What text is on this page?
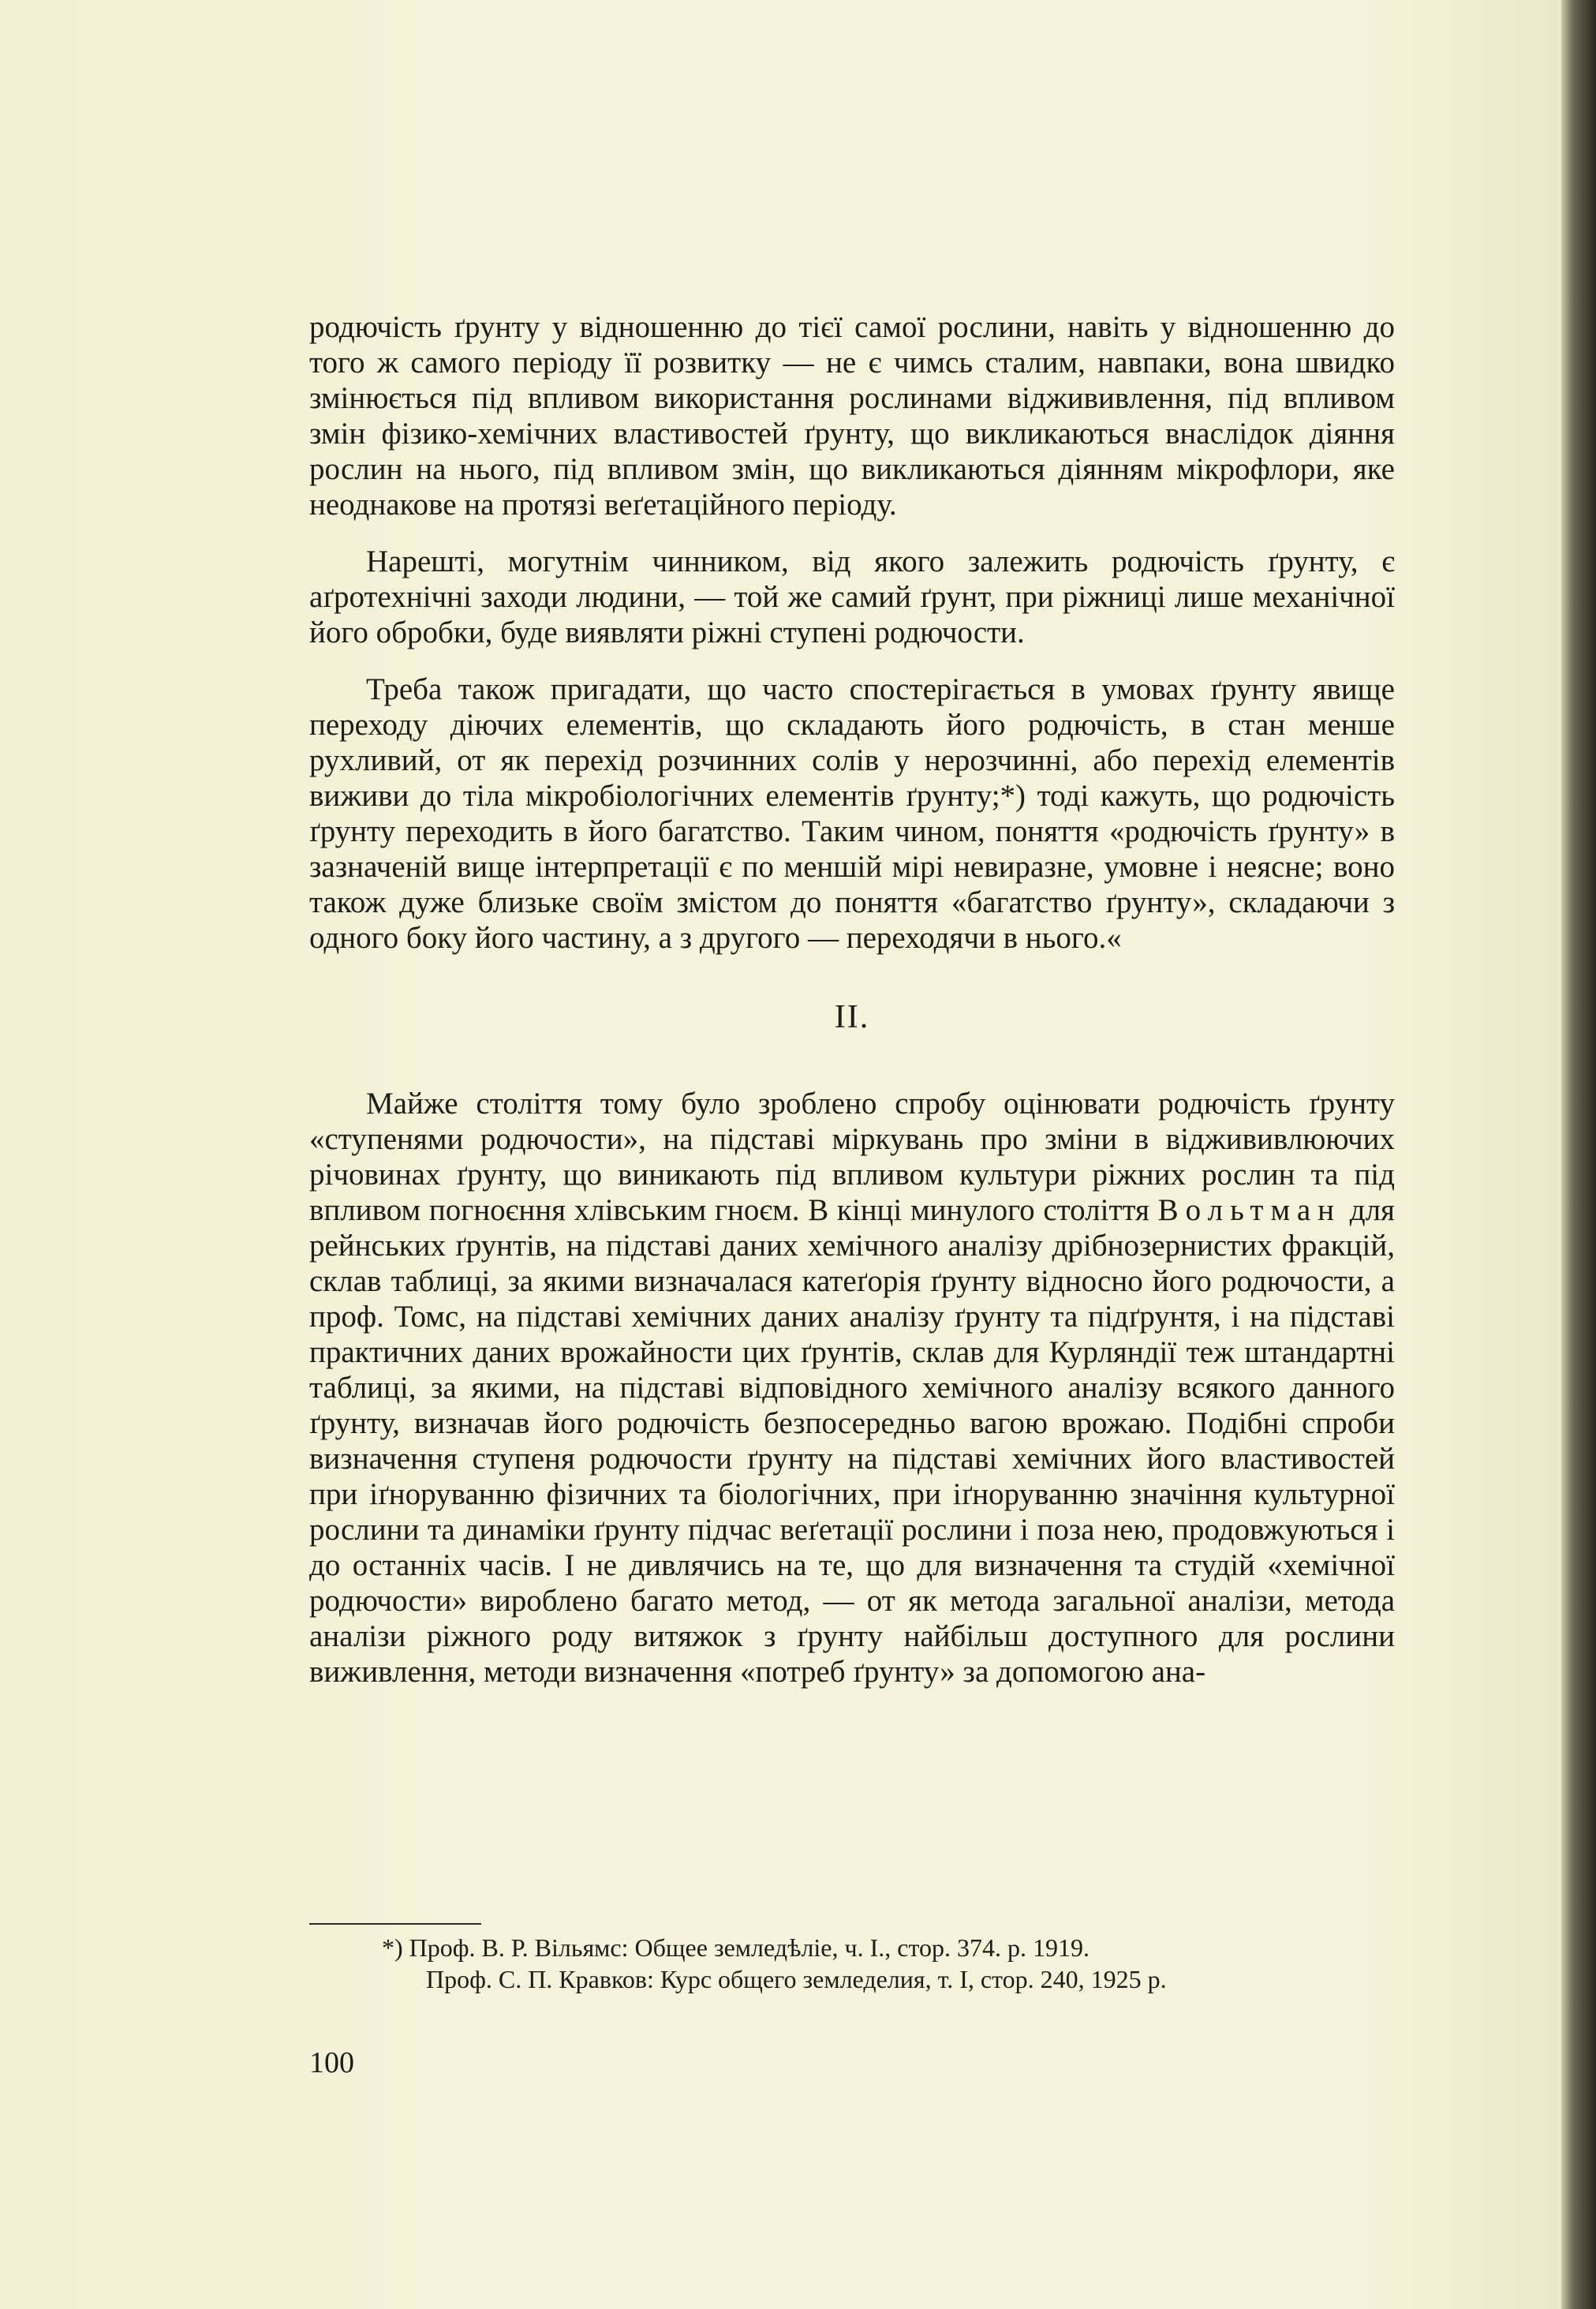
родючість ґрунту у відношенню до тієї самої рослини, навіть у відношенню до того ж самого періоду її розвитку — не є чимсь сталим, навпаки, вона швидко змінюється під впливом використання рослинами віджививлення, під впливом змін фізико-хемічних властивостей ґрунту, що викликаються внаслідок діяння рослин на нього, під впливом змін, що викликаються діянням мікрофлори, яке неоднакове на протязі веґетаційного періоду.

Нарешті, могутнім чинником, від якого залежить родючість ґрунту, є аґротехнічні заходи людини, — той же самий ґрунт, при ріжниці лише механічної його обробки, буде виявляти ріжні ступені родючости.

Треба також пригадати, що часто спостерігається в умовах ґрунту явище переходу діючих елементів, що складають його родючість, в стан менше рухливий, от як перехід розчинних солів у нерозчинні, або перехід елементів виживи до тіла мікробіологічних елементів ґрунту;*) тоді кажуть, що родючість ґрунту переходить в його багатство. Таким чином, поняття «родючість ґрунту» в зазначеній вище інтерпретації є по меншій мірі невиразне, умовне і неясне; воно також дуже близьке своїм змістом до поняття «багатство ґрунту», складаючи з одного боку його частину, а з другого — переходячи в нього.«

II.

Майже століття тому було зроблено спробу оцінювати родючість ґрунту «ступенями родючости», на підставі міркувань про зміни в віджививлюючих річовинах ґрунту, що виникають під впливом культури ріжних рослин та під впливом погноєння хлівським гноєм. В кінці минулого століття Вольтман для рейнських ґрунтів, на підставі даних хемічного аналізу дрібнозернистих фракцій, склав таблиці, за якими визначалася катеґорія ґрунту відносно його родючости, а проф. Томс, на підставі хемічних даних аналізу ґрунту та підґрунтя, і на підставі практичних даних врожайности цих ґрунтів, склав для Курляндії теж штандартні таблиці, за якими, на підставі відповідного хемічного аналізу всякого данного ґрунту, визначав його родючість безпосередньо вагою врожаю. Подібні спроби визначення ступеня родючости ґрунту на підставі хемічних його властивостей при іґноруванню фізичних та біологічних, при іґноруванню значіння культурної рослини та динаміки ґрунту підчас веґетації рослини і поза нею, продовжуються і до останніх часів. І не дивлячись на те, що для визначення та студій «хемічної родючости» вироблено багато метод, — от як метода загальної аналізи, метода аналізи ріжного роду витяжок з ґрунту найбільш доступного для рослини виживлення, методи визначення «потреб ґрунту» за допомогою ана-

*) Проф. В. Р. Вільямс: Общее земледѣліе, ч. І., стор. 374. р. 1919.
Проф. С. П. Кравков: Курс общего земледелия, т. І, стор. 240, 1925 р.
100
